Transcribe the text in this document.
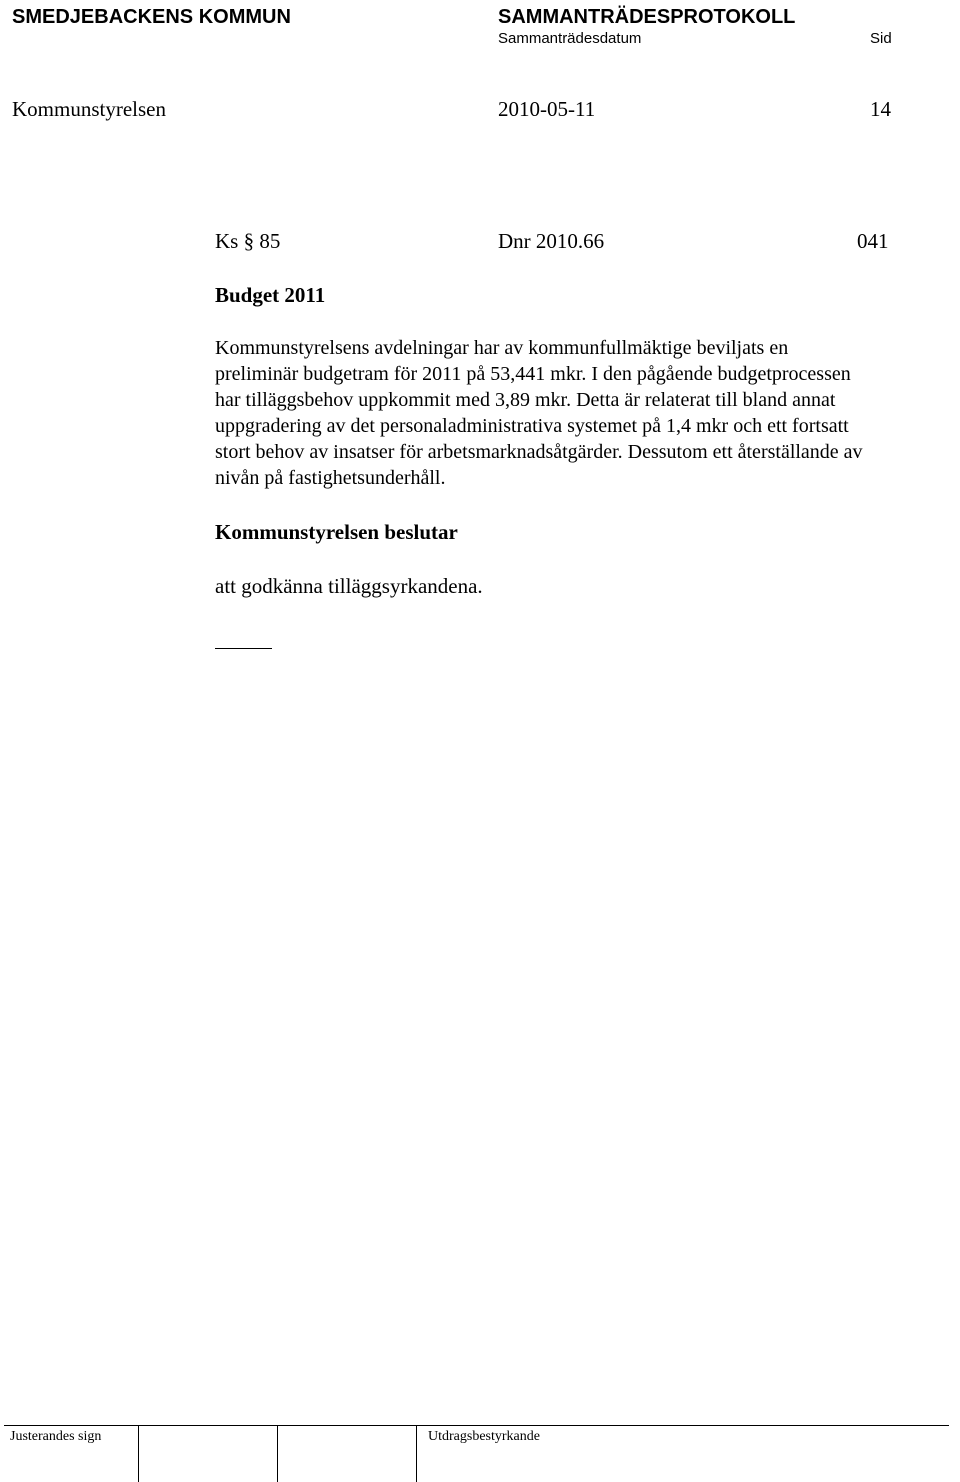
SMEDJEBACKENS KOMMUN	SAMMANTRÄDESPROTOKOLL
Sammanträdesdatum	Sid
Kommunstyrelsen	2010-05-11	14
Ks § 85	Dnr 2010.66	041
Budget 2011
Kommunstyrelsens avdelningar har av kommunfullmäktige beviljats en
preliminär budgetram för 2011 på 53,441 mkr. I den pågående budgetprocessen
har tilläggsbehov uppkommit med 3,89 mkr. Detta är relaterat till bland annat
uppgradering av det personaladministrativa systemet på 1,4 mkr och ett fortsatt
stort behov av insatser för arbetsmarknadsåtgärder. Dessutom ett återställande av
nivån på fastighetsunderhåll.
Kommunstyrelsen beslutar
att godkänna tilläggsyrkandena.
Justerandes sign	Utdragsbestyrkande
